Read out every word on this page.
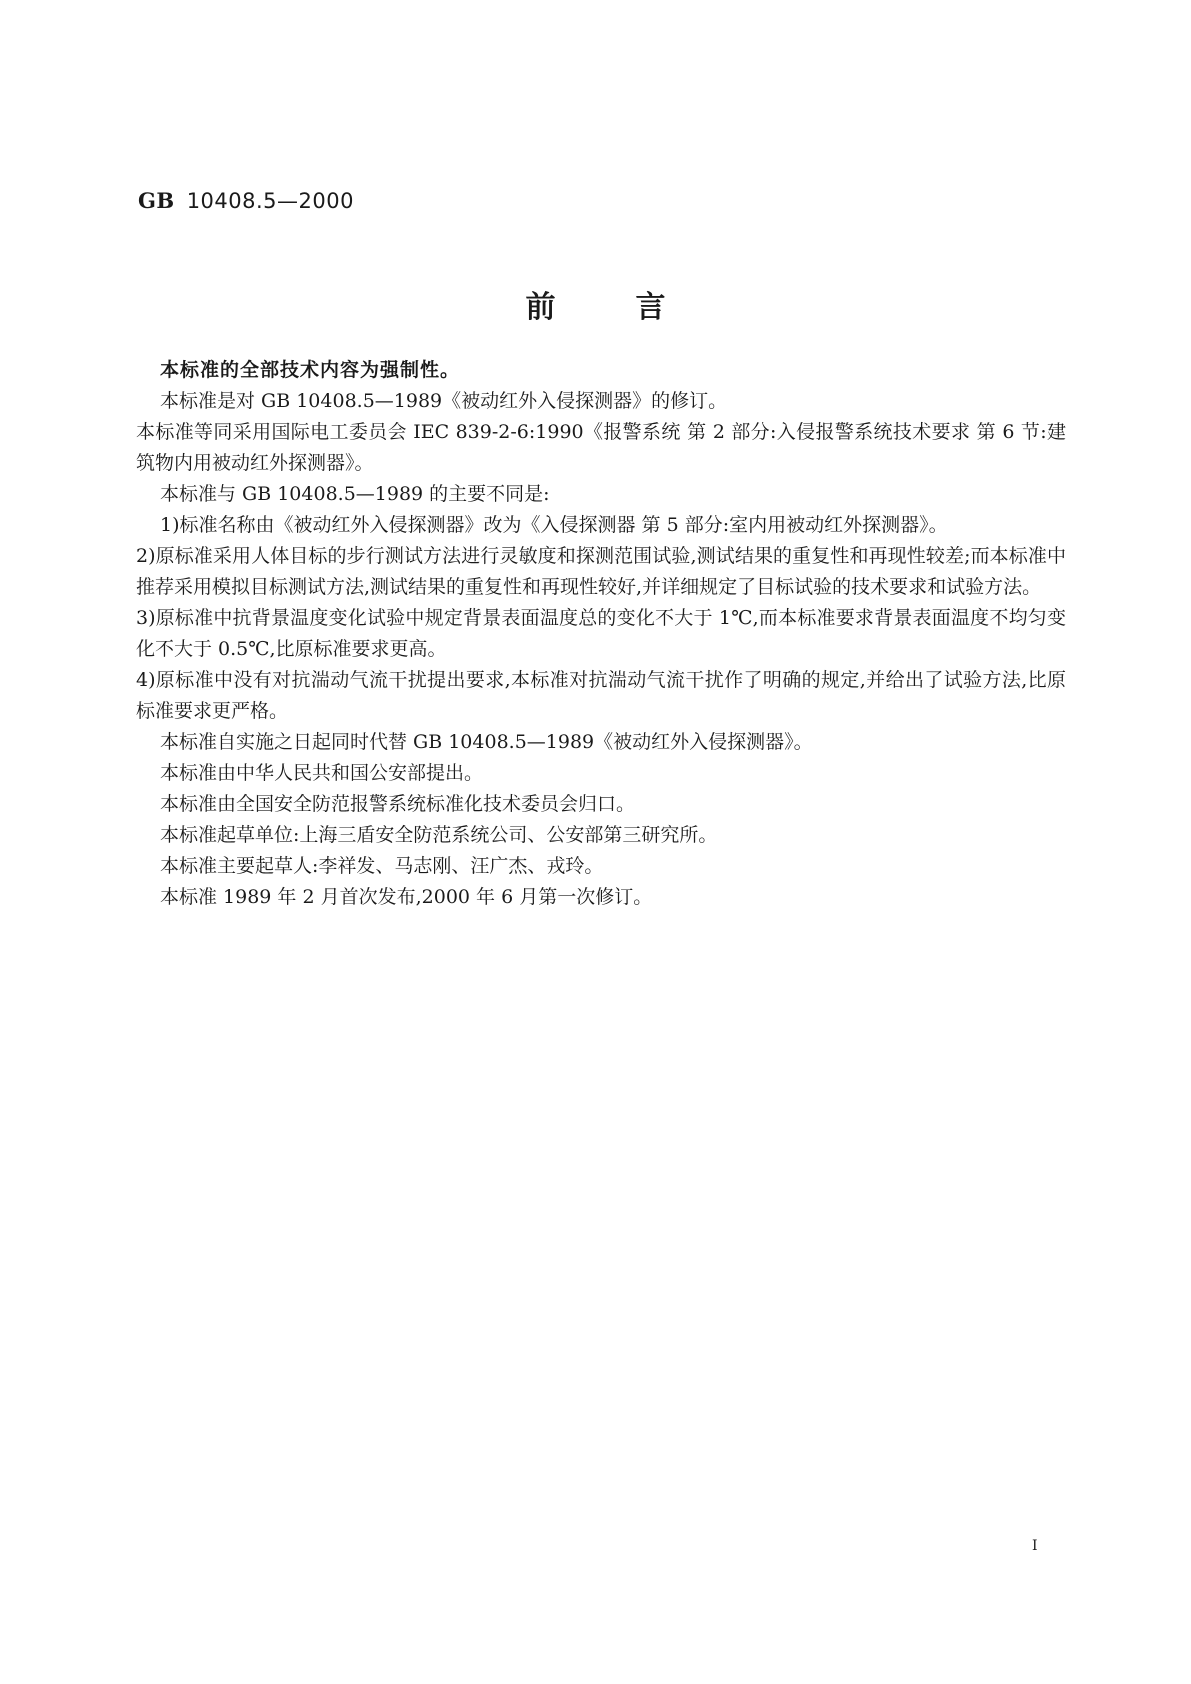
GB 10408.5—2000
前言

本标准的全部技术内容为强制性。

本标准是对 GB 10408.5—1989《被动红外入侵探测器》的修订。

本标准等同采用国际电工委员会 IEC 839-2-6:1990《报警系统 第 2 部分:入侵报警系统技术要求 第 6 节:建筑物内用被动红外探测器》。

本标准与 GB 10408.5—1989 的主要不同是:

1)标准名称由《被动红外入侵探测器》改为《入侵探测器 第 5 部分:室内用被动红外探测器》。

2)原标准采用人体目标的步行测试方法进行灵敏度和探测范围试验,测试结果的重复性和再现性较差;而本标准中推荐采用模拟目标测试方法,测试结果的重复性和再现性较好,并详细规定了目标试验的技术要求和试验方法。

3)原标准中抗背景温度变化试验中规定背景表面温度总的变化不大于 1℃,而本标准要求背景表面温度不均匀变化不大于 0.5℃,比原标准要求更高。

4)原标准中没有对抗湍动气流干扰提出要求,本标准对抗湍动气流干扰作了明确的规定,并给出了试验方法,比原标准要求更严格。

本标准自实施之日起同时代替 GB 10408.5—1989《被动红外入侵探测器》。

本标准由中华人民共和国公安部提出。

本标准由全国安全防范报警系统标准化技术委员会归口。

本标准起草单位:上海三盾安全防范系统公司、公安部第三研究所。

本标准主要起草人:李祥发、马志刚、汪广杰、戎玲。

本标准 1989 年 2 月首次发布,2000 年 6 月第一次修订。

I
